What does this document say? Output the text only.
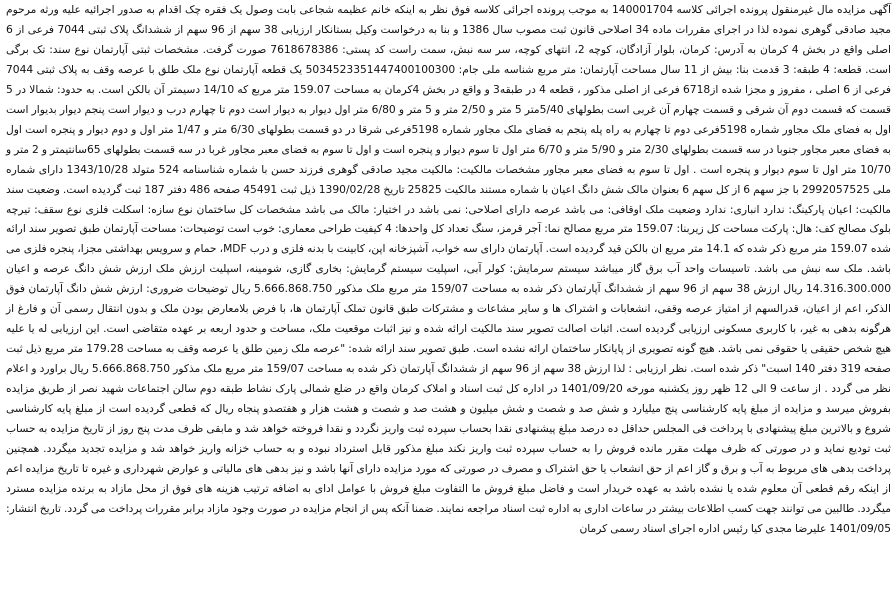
آگهی مزایده مال غیرمنقول پرونده اجرائی کلاسه 140001704 به موجب پرونده اجرائی کلاسه فوق نظر به اینکه خانم عظیمه شجاعی بابت وصول یک فقره چک اقدام به صدور اجرائیه علیه ورثه مرحوم مجید صادقی گوهری نموده لذا در اجرای مقررات ماده 34 اصلاحی قانون ثبت مصوب سال 1386 و بنا به درخواست وکیل بستانکار ارزیابی 38 سهم از 96 سهم از ششدانگ پلاک ثبتی 7044 فرعی از 6 اصلی واقع در بخش 4 کرمان به آدرس: کرمان، بلوار آزادگان، کوچه 2، انتهای کوچه، سر سه نبش، سمت راست کد پستی: 7618678386 صورت گرفت. مشخصات ثبتی آپارتمان نوع سند: تک برگی است. قطعه: 4 طبقه: 3 قدمت بنا: بیش از 11 سال مساحت آپارتمان: متر مربع شناسه ملی جام: 5034523351447400100300 یک قطعه آپارتمان نوع ملک طلق با عرصه وقف به پلاک ثبتی 7044 فرعی از 6 اصلی ، مفروز و مجزا شده از6718 فرعی از اصلی مذکور ، قطعه 4 در طبقه3 و واقع در بخش 4کرمان به مساحت 159.07 متر مربع که 14/10 دسیمتر آن بالکن است. به حدود: شمالا در 5 قسمت که قسمت دوم آن شرقی و قسمت چهارم آن غربی است بطولهای 5/40متر 5 متر و 2/50 متر و 5 متر و 6/80 متر اول دیوار به دیوار است دوم تا چهارم درب و دیوار است پنجم دیوار بدیوار است اول به فضای ملک مجاور شماره 5198فرعی دوم تا چهارم به راه پله پنجم به فضای ملک مجاور شماره 5198فرعی شرقا در دو قسمت بطولهای 6/30 متر و 1/47 متر اول و دوم دیوار و پنجره است اول به فضای معبر مجاور جنوبا در سه قسمت بطولهای 2/30 متر و 5/90 متر و 6/70 متر اول تا سوم دیوار و پنجره است و اول تا سوم به فضای معبر مجاور غربا در سه قسمت بطولهای 65سانتیمتر و 2 متر و 10/70 متر اول تا سوم دیوار و پنجره است . اول تا سوم به فضای معبر مجاور مشخصات مالکیت: مالکیت مجید صادقی گوهری فرزند حسن با شماره شناسنامه 524 متولد 1343/10/28 دارای شماره ملی 2992057525 با جز سهم 6 از کل سهم 6 بعنوان مالک شش دانگ اعیان با شماره مستند مالکیت 25825 تاریخ 1390/02/28 ذیل ثبت 45491 صفحه 486 دفتر 187 ثبت گردیده است. وضعیت سند مالکیت: اعیان پارکینگ: ندارد انباری: ندارد وضعیت ملک اوقافی: می باشد عرصه دارای اصلاحی: نمی باشد در اختیار: مالک می باشد مشخصات کل ساختمان نوع سازه: اسکلت فلزی نوع سقف: تیرچه بلوک مصالح کف: هال: پارکت مساحت کل زیربنا: 159.07 متر مربع مصالح نما: آجر قرمز، سنگ تعداد کل واحدها: 4 کیفیت طراحی معماری: خوب است توضیحات: مساحت آپارتمان طبق تصویر سند ارائه شده 159.07 متر مربع ذکر شده که 14.1 متر مربع ان بالکن قید گردیده است. آپارتمان دارای سه خواب، آشپزخانه اپن، کابینت با بدنه فلزی و درب MDF، حمام و سرویس بهداشتی مجزا، پنجره فلزی می باشد. ملک سه نبش می باشد. تاسیسات واحد آب برق گاز میباشد سیستم سرمایش: کولر آبی، اسپلیت سیستم گرمایش: بخاری گازی، شومینه، اسپلیت ارزش ملک ارزش شش دانگ عرصه و اعیان 14.316.300.000 ریال ارزش 38 سهم از 96 سهم از ششدانگ آپارتمان ذکر شده به مساحت 159/07 متر مربع ملک مذکور 5.666.868.750 ریال توضیحات ضروری: ارزش شش دانگ آپارتمان فوق الذکر، اعم از اعیان، قدرالسهم از امتیاز عرصه وقفی، انشعابات و اشتراک ها و سایر مشاعات و مشترکات طبق قانون تملک آپارتمان ها، با فرض بلامعارض بودن ملک و بدون انتقال رسمی آن و فارغ از هرگونه بدهی به غیر، با کاربری مسکونی ارزیابی گردیده است. اثبات اصالت تصویر سند مالکیت ارائه شده و نیز اثبات موقعیت ملک، مساحت و حدود اربعه بر عهده متقاضی است. این ارزیابی له یا علیه هیچ شخص حقیقی یا حقوقی نمی باشد. هیچ گونه تصویری از پایانکار ساختمان ارائه نشده است. طبق تصویر سند ارائه شده: "عرصه ملک زمین طلق یا عرصه وقف به مساحت 179.28 متر مربع ذیل ثبت صفحه 319 دفتر 140 اسبت" ذکر شده است. نظر ارزیابی : لذا ارزش 38 سهم از 96 سهم از ششدانگ آپارتمان ذکر شده به مساحت 159/07 متر مربع ملک مذکور 5.666.868.750 ریال براورد و اعلام نظر می گردد . از ساعت 9 الی 12 ظهر روز یکشنبه مورخه 1401/09/20 در اداره کل ثبت اسناد و املاک کرمان واقع در ضلع شمالی پارک نشاط طبقه دوم سالن اجتماعات شهید نصر از طریق مزایده بفروش میرسد و مزایده از مبلغ پایه کارشناسی پنج میلیارد و شش صد و شصت و شش میلیون و هشت صد و شصت و هشت هزار و هفتصدو پنجاه ریال که قطعی گردیده است از مبلغ پایه کارشناسی شروع و بالاترین مبلغ پیشنهادی با پرداخت فی المجلس حداقل ده درصد مبلغ پیشنهادی نقدا بحساب سپرده ثبت واریز نگردد و نقدا فروخته خواهد شد و مابقی ظرف مدت پنج روز از تاریخ مزایده به حساب ثبت تودیع نماید و در صورتی که ظرف مهلت مقرر مانده فروش را به حساب سپرده ثبت واریز نکند مبلغ مذکور قابل استرداد نبوده و به حساب خزانه واریز خواهد شد و مزایده تجدید میگردد. همچنین پرداخت بدهی های مربوط به آب و برق و گاز اعم از حق انشعاب یا حق اشتراک و مصرف در صورتی که مورد مزایده دارای آنها باشد و نیز بدهی های مالیاتی و عوارض شهرداری و غیره تا تاریخ مزایده اعم از اینکه رقم قطعی آن معلوم شده یا نشده باشد به عهده خریدار است و فاضل مبلغ فروش ما التفاوت مبلغ فروش با عوامل ادای به اضافه ترتیب هزینه های فوق از محل مازاد به برنده مزایده مسترد میگردد. طالبین می توانند جهت کسب اطلاعات بیشتر در ساعات اداری به اداره ثبت اسناد مراجعه نمایند. ضمنا آنکه پس از انجام مزایده در صورت وجود مازاد برابر مقررات پرداخت می گردد. تاریخ انتشار: 1401/09/05 علیرضا مجدی کیا رئیس اداره اجرای اسناد رسمی کرمان
